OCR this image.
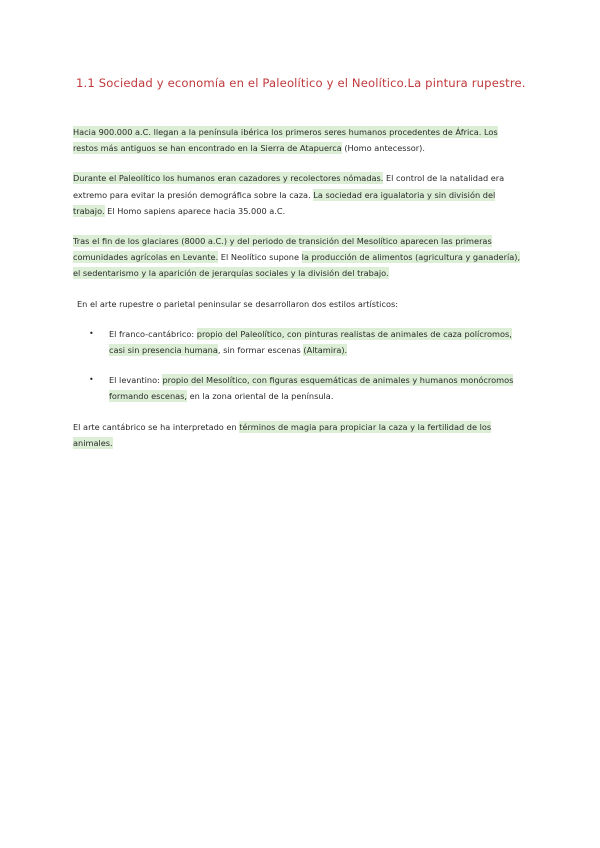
1.1 Sociedad y economía en el Paleolítico y el Neolítico.La pintura rupestre.

Hacia 900.000 a.C. llegan a la península ibérica los primeros seres humanos procedentes de África. Los restos más antiguos se han encontrado en la Sierra de Atapuerca (Homo antecessor).

Durante el Paleolítico los humanos eran cazadores y recolectores nómadas. El control de la natalidad era extremo para evitar la presión demográfica sobre la caza. La sociedad era igualatoria y sin división del trabajo. El Homo sapiens aparece hacia 35.000 a.C.

Tras el fin de los glaciares (8000 a.C.) y del periodo de transición del Mesolítico aparecen las primeras comunidades agrícolas en Levante. El Neolítico supone la producción de alimentos (agricultura y ganadería), el sedentarismo y la aparición de jerarquías sociales y la división del trabajo.

En el arte rupestre o parietal peninsular se desarrollaron dos estilos artísticos:

• El franco-cantábrico: propio del Paleolítico, con pinturas realistas de animales de caza polícromos, casi sin presencia humana, sin formar escenas (Altamira).
• El levantino: propio del Mesolítico, con figuras esquemáticas de animales y humanos monócromos formando escenas, en la zona oriental de la península.

El arte cantábrico se ha interpretado en términos de magia para propiciar la caza y la fertilidad de los animales.
